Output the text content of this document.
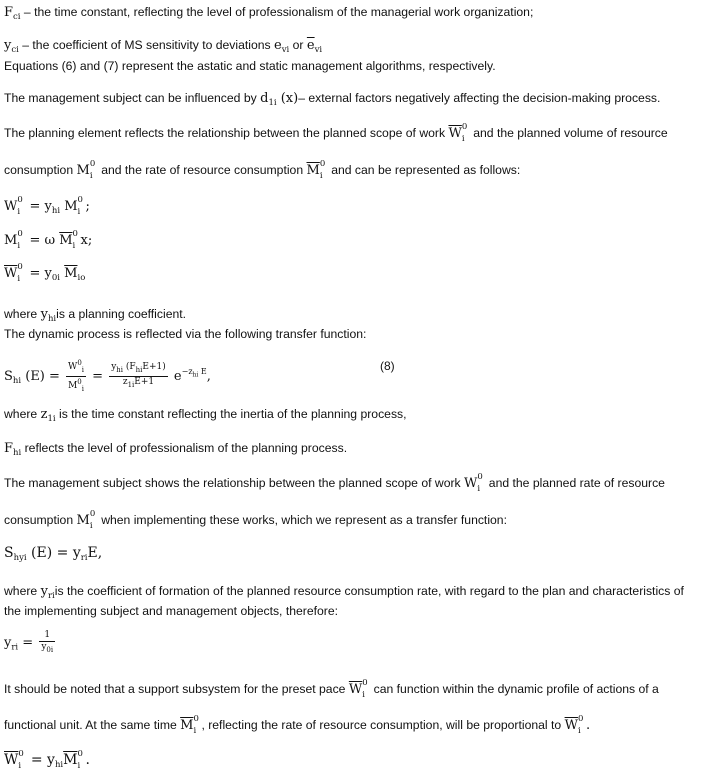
$F_{ci}$ – the time constant, reflecting the level of professionalism of the managerial work organization;
$y_{ci}$ – the coefficient of MS sensitivity to deviations $e_{vi}$ or $\overline{e}_{vi}$
Equations (6) and (7) represent the astatic and static management algorithms, respectively.
The management subject can be influenced by $d_{1i}$ (x)– external factors negatively affecting the decision-making process.
The planning element reflects the relationship between the planned scope of work $\overline{W}$ 0
i and the planned volume of resource
consumption M 0
i and the rate of resource consumption $\overline{M}$ 0
i and can be represented as follows:
W 0
$i = y_{hi}$ M 0
i ;
M 0
i = ω $\overline{M}$ 0
i x;
$\overline{W}$ 0
$i = y_{0i}$ $\overline{M}_{io}$
where $y_{hi}is$ a planning coefficient.
The dynamic process is reflected via the following transfer function:
$S_{hi}$ $(E) = \frac{W^0_i}{M^0_i} = \frac{y_{hi} (F_{hi}E+1)}{z_{1i}E+1} e^{-z_{hi} E}$,
(8)
where $z_{1i}$ is the time constant reflecting the inertia of the planning process,
$F_{hi}$ reflects the level of professionalism of the planning process.
The management subject shows the relationship between the planned scope of work W 0
i and the planned rate of resource
consumption M 0
i when implementing these works, which we represent as a transfer function:
$S_{hyi}$ $(E) = y_{ri}E$,
where $y_{ri}is$ the coefficient of formation of the planned resource consumption rate, with regard to the plan and characteristics of
the implementing subject and management objects, therefore:
$y_{ri} = \frac{1}{y_{0i}}$
It should be noted that a support subsystem for the preset pace $\overline{W}$ 0
i can function within the dynamic profile of actions of a
functional unit. At the same time $\overline{M}$ 0
i , reflecting the rate of resource consumption, will be proportional to $\overline{W}$ 0
i .
$\overline{W}$ 0
$i = y_{hi}\overline{M}$ 0
i .
